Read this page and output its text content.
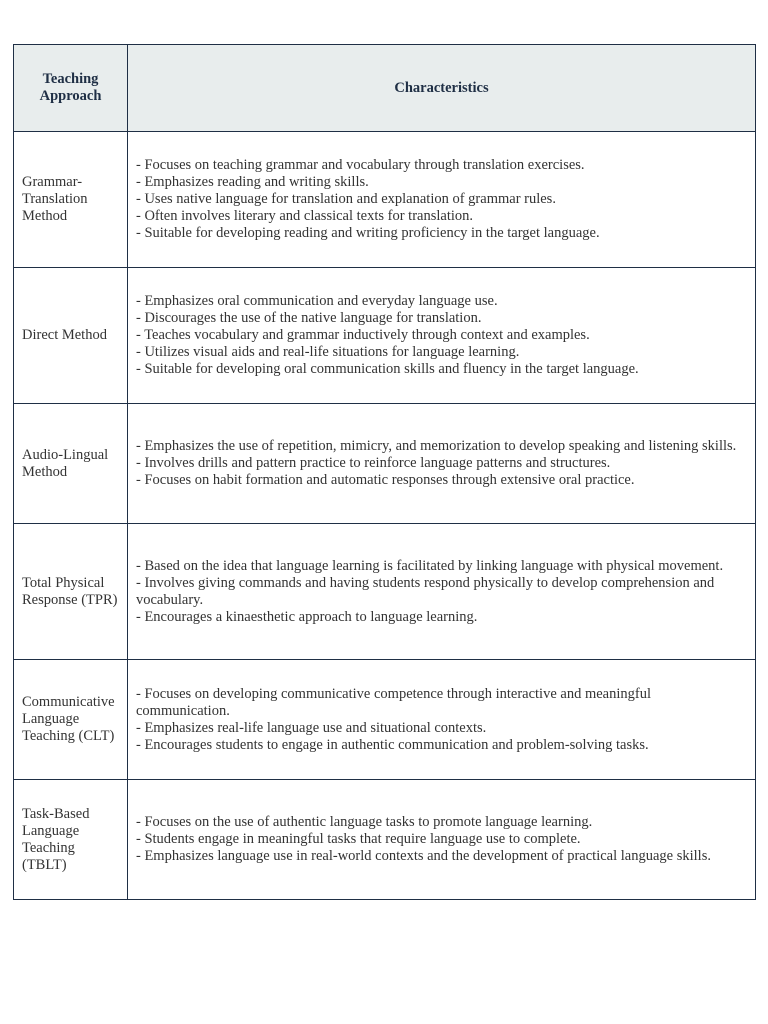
Teaching Approach	Characteristics
Grammar-Translation Method	- Focuses on teaching grammar and vocabulary through translation exercises.
- Emphasizes reading and writing skills.
- Uses native language for translation and explanation of grammar rules.
- Often involves literary and classical texts for translation.
- Suitable for developing reading and writing proficiency in the target language.

Direct Method	- Emphasizes oral communication and everyday language use.
- Discourages the use of the native language for translation.
- Teaches vocabulary and grammar inductively through context and examples.
- Utilizes visual aids and real-life situations for language learning.
- Suitable for developing oral communication skills and fluency in the target language.

Audio-Lingual Method	- Emphasizes the use of repetition, mimicry, and memorization to develop speaking and listening skills.
- Involves drills and pattern practice to reinforce language patterns and structures.
- Focuses on habit formation and automatic responses through extensive oral practice.

Total Physical Response (TPR)	- Based on the idea that language learning is facilitated by linking language with physical movement.
- Involves giving commands and having students respond physically to develop comprehension and vocabulary.
- Encourages a kinaesthetic approach to language learning.

Communicative Language Teaching (CLT)	- Focuses on developing communicative competence through interactive and meaningful communication.
- Emphasizes real-life language use and situational contexts.
- Encourages students to engage in authentic communication and problem-solving tasks.

Task-Based Language Teaching (TBLT)	- Focuses on the use of authentic language tasks to promote language learning.
- Students engage in meaningful tasks that require language use to complete.
- Emphasizes language use in real-world contexts and the development of practical language skills.
